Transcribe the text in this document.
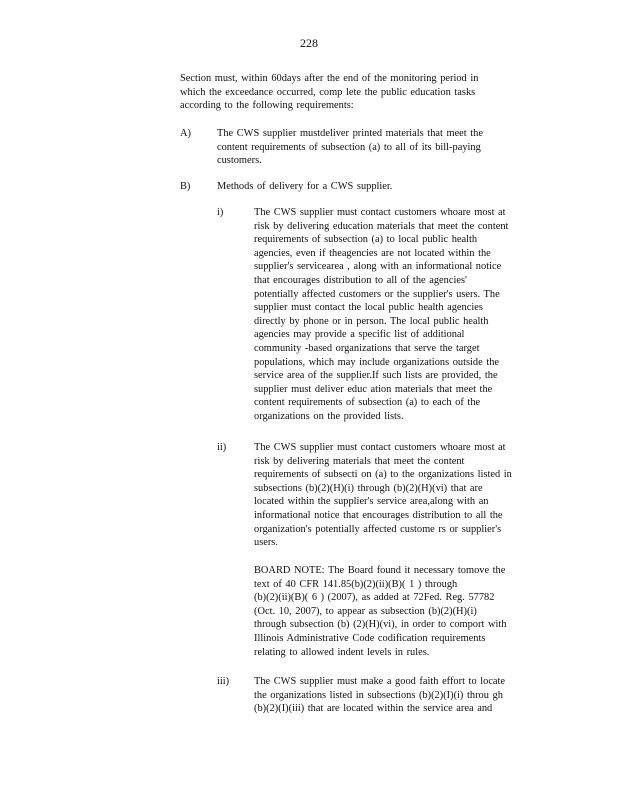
228
Section must, within 60days after the end of the monitoring period in
which the exceedance occurred, comp lete the public education tasks
according to the following requirements:
A)	The CWS supplier mustdeliver printed materials that meet the
content requirements of subsection (a) to all of its bill-paying
customers.
B)	Methods of delivery for a CWS supplier.
i)	The CWS supplier must contact customers whoare most at
risk by delivering education materials that meet the content
requirements of subsection (a) to local public health
agencies, even if theagencies are not located within the
supplier's servicearea , along with an informational notice
that encourages distribution to all of the agencies'
potentially affected customers or the supplier's users. The
supplier must contact the local public health agencies
directly by phone or in person. The local public health
agencies may provide a specific list of additional
community -based organizations that serve the target
populations, which may include organizations outside the
service area of the supplier.If such lists are provided, the
supplier must deliver educ ation materials that meet the
content requirements of subsection (a) to each of the
organizations on the provided lists.
ii)	The CWS supplier must contact customers whoare most at
risk by delivering materials that meet the content
requirements of subsecti on (a) to the organizations listed in
subsections (b)(2)(H)(i) through (b)(2)(H)(vi) that are
located within the supplier's service area,along with an
informational notice that encourages distribution to all the
organization's potentially affected custome rs or supplier's
users.
BOARD NOTE: The Board found it necessary tomove the
text of 40 CFR 141.85(b)(2)(ii)(B)( 1 ) through
(b)(2)(ii)(B)( 6 ) (2007), as added at 72Fed. Reg. 57782
(Oct. 10, 2007), to appear as subsection (b)(2)(H)(i)
through subsection (b) (2)(H)(vi), in order to comport with
Illinois Administrative Code codification requirements
relating to allowed indent levels in rules.
iii) The CWS supplier must make a good faith effort to locate
the organizations listed in subsections (b)(2)(I)(i) throu gh
(b)(2)(I)(iii) that are located within the service area and
